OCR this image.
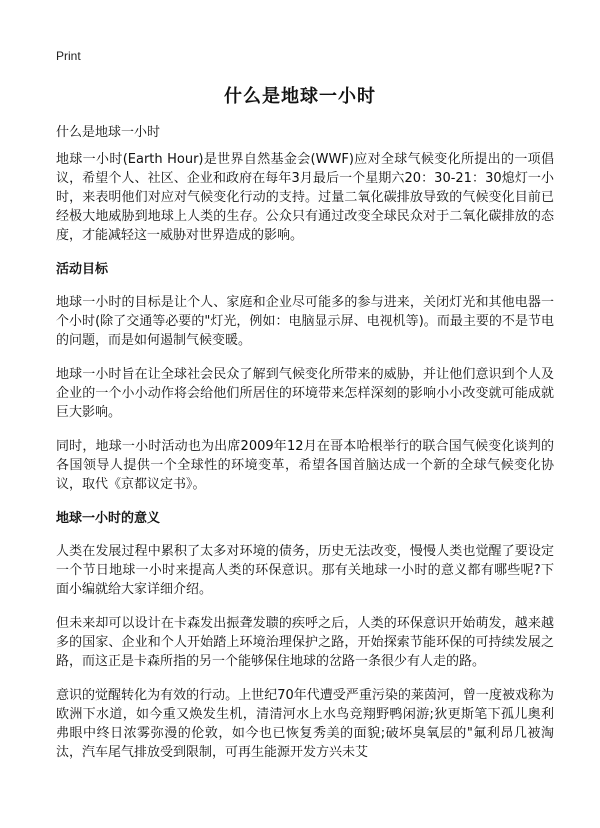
Print
什么是地球一小时
什么是地球一小时

地球一小时(Earth Hour)是世界自然基金会(WWF)应对全球气候变化所提出的一项倡议，希望个人、社区、企业和政府在每年3月最后一个星期六20：30-21：30熄灯一小时，来表明他们对应对气候变化行动的支持。过量二氧化碳排放导致的气候变化目前已经极大地威胁到地球上人类的生存。公众只有通过改变全球民众对于二氧化碳排放的态度，才能减轻这一威胁对世界造成的影响。

活动目标

地球一小时的目标是让个人、家庭和企业尽可能多的参与进来，关闭灯光和其他电器一个小时(除了交通等必要的"灯光，例如：电脑显示屏、电视机等)。而最主要的不是节电的问题，而是如何遏制气候变暖。

地球一小时旨在让全球社会民众了解到气候变化所带来的威胁，并让他们意识到个人及企业的一个小小动作将会给他们所居住的环境带来怎样深刻的影响小小改变就可能成就巨大影响。

同时，地球一小时活动也为出席2009年12月在哥本哈根举行的联合国气候变化谈判的各国领导人提供一个全球性的环境变革，希望各国首脑达成一个新的全球气候变化协议，取代《京都议定书》。

地球一小时的意义

人类在发展过程中累积了太多对环境的债务，历史无法改变，慢慢人类也觉醒了要设定一个节日地球一小时来提高人类的环保意识。那有关地球一小时的意义都有哪些呢?下面小编就给大家详细介绍。

但未来却可以设计在卡森发出振聋发聩的疾呼之后，人类的环保意识开始萌发，越来越多的国家、企业和个人开始踏上环境治理保护之路，开始探索节能环保的可持续发展之路，而这正是卡森所指的另一个能够保住地球的岔路一条很少有人走的路。

意识的觉醒转化为有效的行动。上世纪70年代遭受严重污染的莱茵河，曾一度被戏称为欧洲下水道，如今重又焕发生机，清清河水上水鸟竞翔野鸭闲游;狄更斯笔下孤儿奥利弗眼中终日浓雾弥漫的伦敦，如今也已恢复秀美的面貌;破坏臭氧层的"氟利昂几被淘汰，汽车尾气排放受到限制，可再生能源开发方兴未艾
